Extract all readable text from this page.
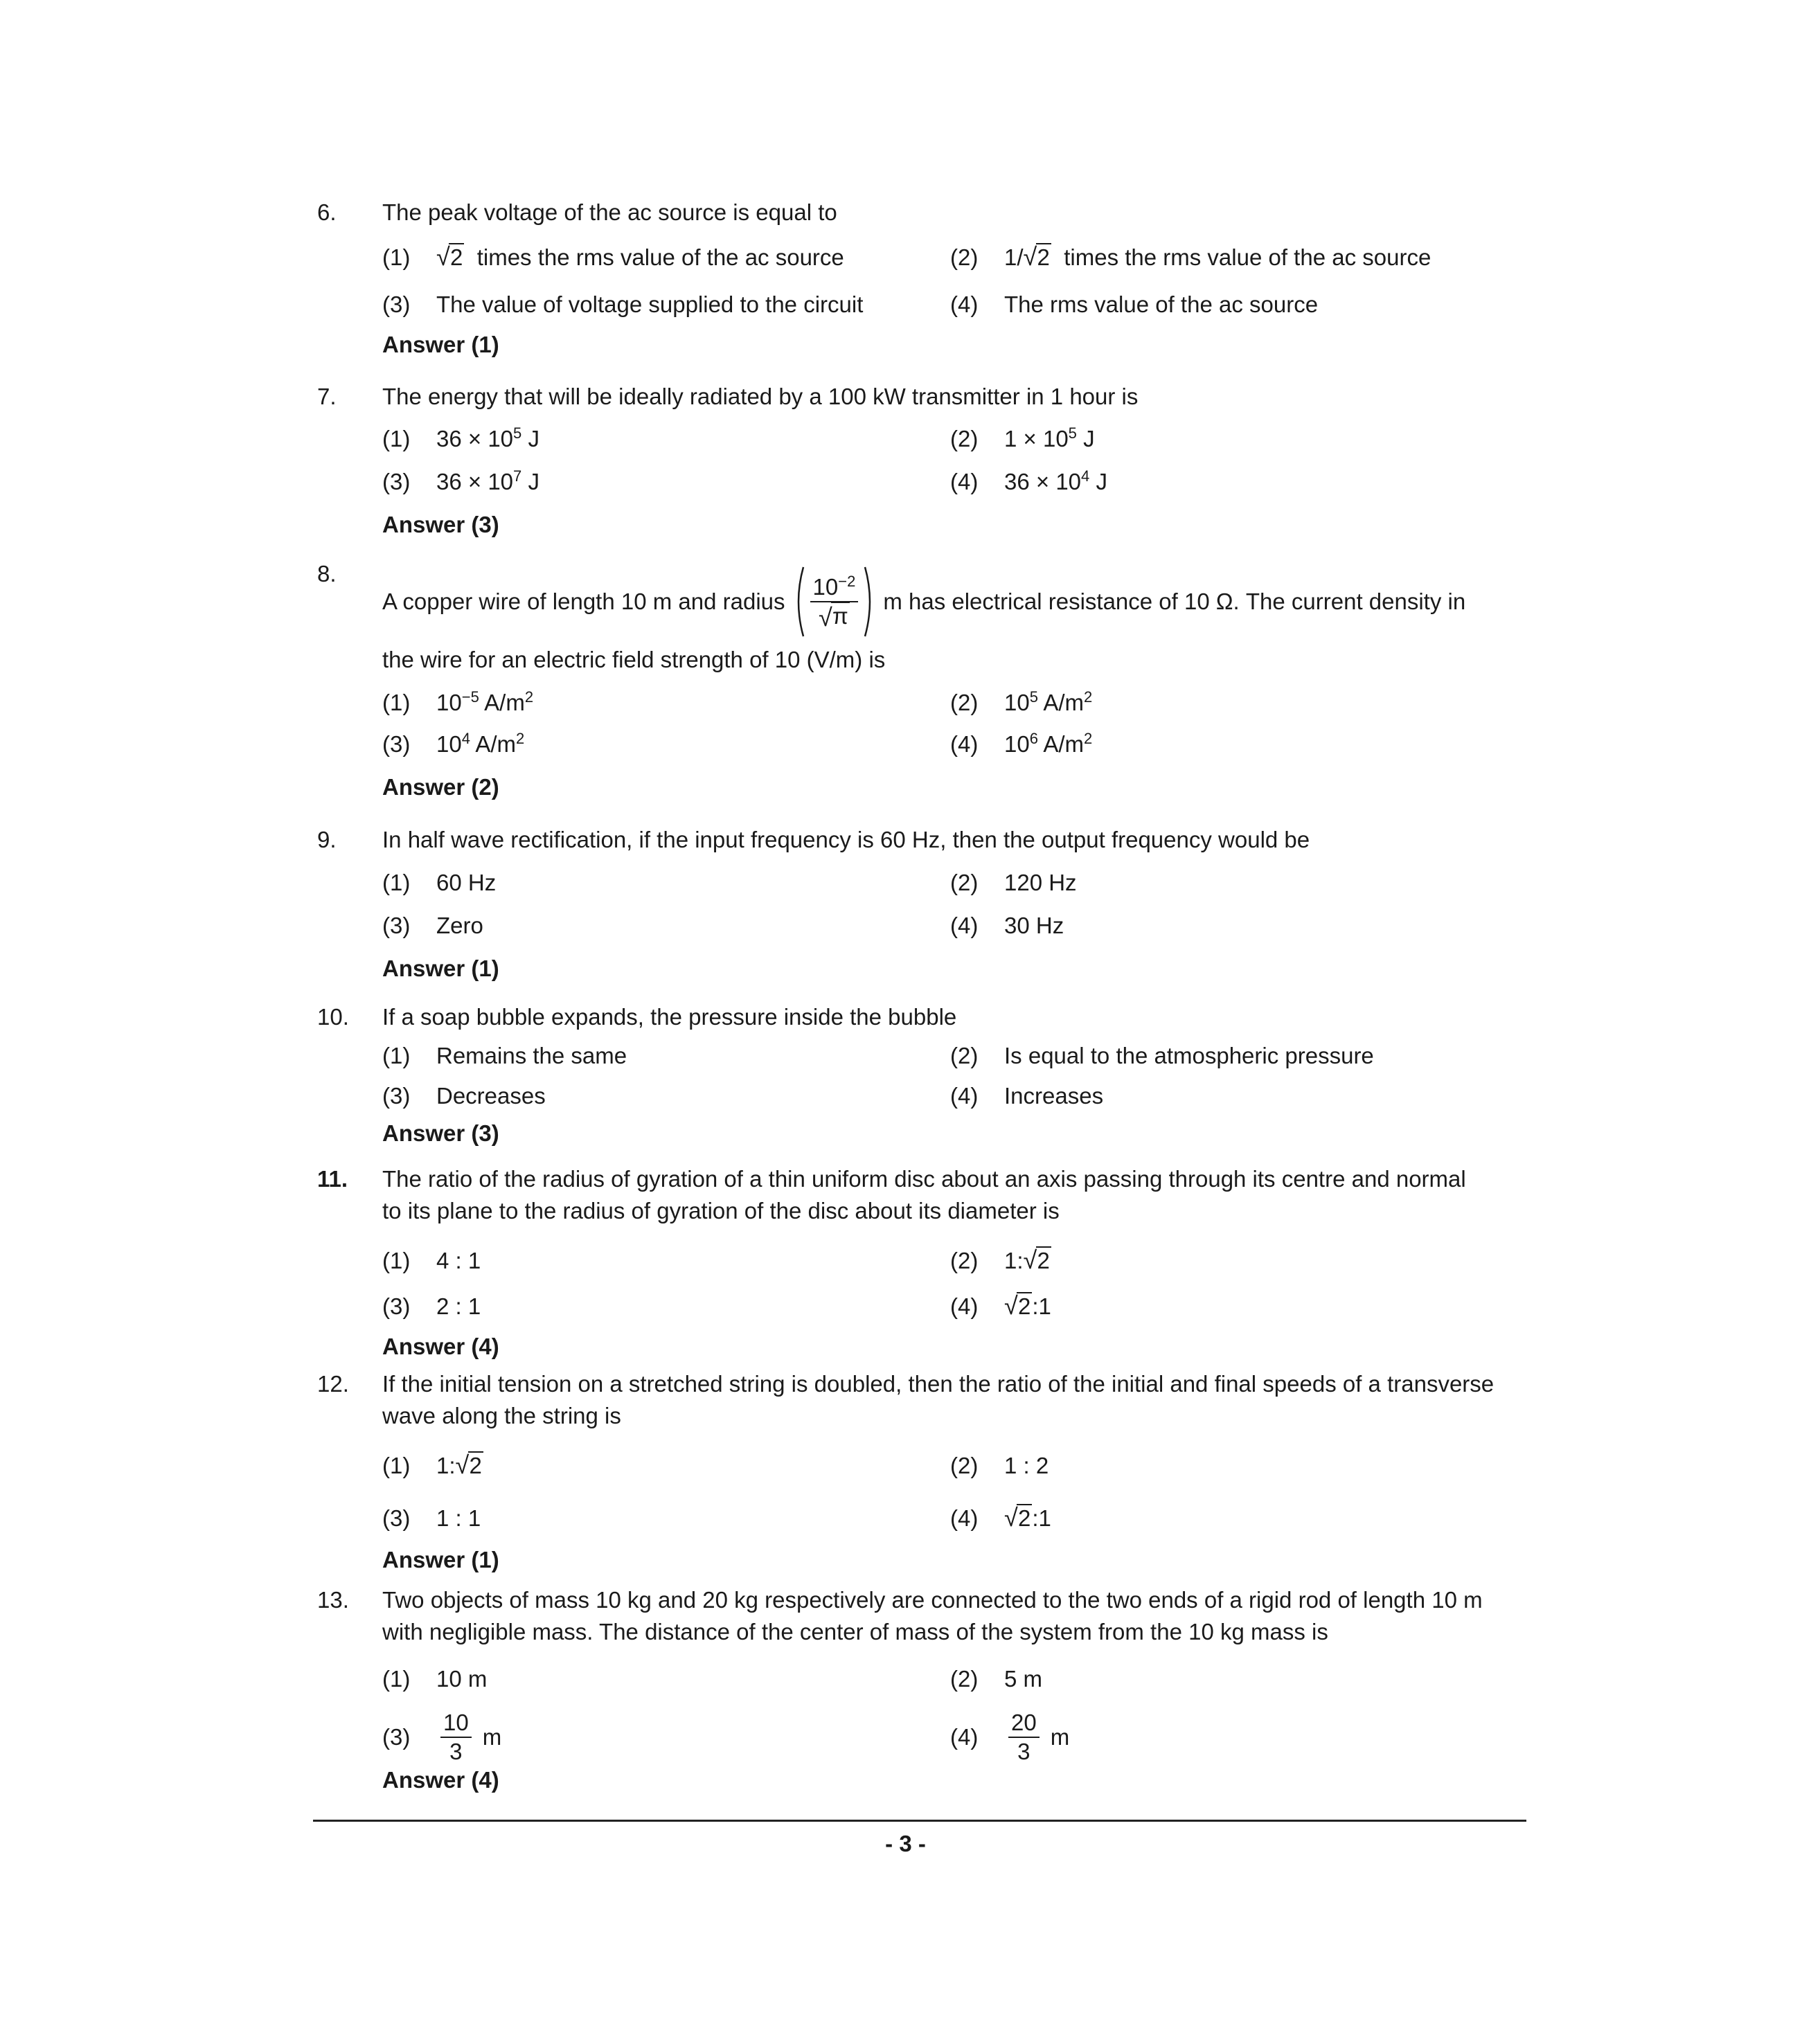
6. The peak voltage of the ac source is equal to
(1) √ 2 times the rms value of the ac source	(2) 1/ √ 2 times the rms value of the ac source
(3) The value of voltage supplied to the circuit	(4) The rms value of the ac source
Answer (1)
7. The energy that will be ideally radiated by a 100 kW transmitter in 1 hour is
(1) $36 \times 10^5$ J	(2) $1 \times 10^5$ J
(3) $36 \times 10^7$ J	(4) $36 \times 10^4$ J
Answer (3)
8.
A copper wire of length 10 m and radius $\frac{10^{-2}}{√ \pi}$ m has electrical resistance of 10 Ω. The current density in
the wire for an electric field strength of 10 (V/m) is
(1) $10^{-5}$ $A/m^2$	(2) $10^5$ $A/m^2$
(3) $10^4$ $A/m^2$	(4) $10^6$ $A/m^2$
Answer (2)
9. In half wave rectification, if the input frequency is 60 Hz, then the output frequency would be
(1) 60 Hz	(2) 120 Hz
(3) Zero	(4) 30 Hz
Answer (1)
10. If a soap bubble expands, the pressure inside the bubble
(1) Remains the same	(2) Is equal to the atmospheric pressure
(3) Decreases	(4) Increases
Answer (3)
11. The ratio of the radius of gyration of a thin uniform disc about an axis passing through its centre and normal
to its plane to the radius of gyration of the disc about its diameter is
(1) 4 : 1	(2) 1: √ 2
(3) 2 : 1	(4) √ 2:1
Answer (4)
12. If the initial tension on a stretched string is doubled, then the ratio of the initial and final speeds of a transverse
wave along the string is
(1) 1: √ 2	(2) 1 : 2
(3) 1 : 1	(4) √ 2:1
Answer (1)
13. Two objects of mass 10 kg and 20 kg respectively are connected to the two ends of a rigid rod of length 10 m
with negligible mass. The distance of the center of mass of the system from the 10 kg mass is
(1) 10 m	(2) 5 m
(3)	$\frac{10}{3}$ m	(4)	$\frac{20}{3}$ m
Answer (4)
- 3 -
